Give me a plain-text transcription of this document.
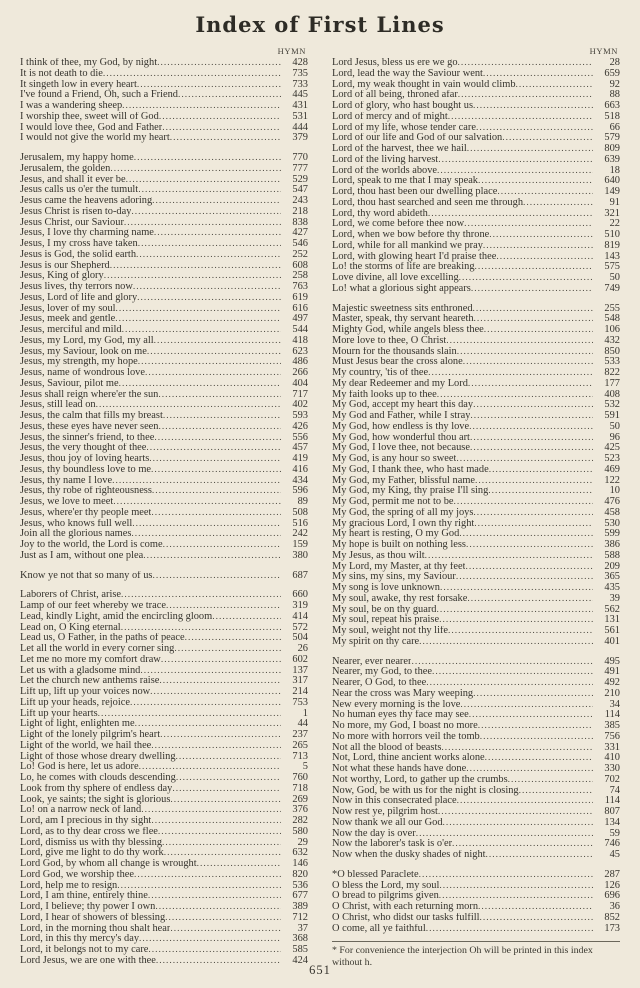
Index of First Lines
HYMN
I think of thee, my God, by night .....	428
It is not death to die .....	735
It singeth low in every heart .....	733
I've found a Friend, Oh, such a Friend .....	445
I was a wandering sheep .....	431
I worship thee, sweet will of God .....	531
I would love thee, God and Father .....	444
I would not give the world my heart .....	379
Jerusalem, my happy home .....	770
Jerusalem, the golden .....	777
Jesus, and shall it ever be .....	529
Jesus calls us o'er the tumult .....	547
Jesus came the heavens adoring .....	243
Jesus Christ is risen to-day .....	218
Jesus Christ, our Saviour .....	838
Jesus, I love thy charming name .....	427
Jesus, I my cross have taken .....	546
Jesus is God, the solid earth .....	252
Jesus is our Shepherd .....	608
Jesus, King of glory .....	258
Jesus lives, thy terrors now .....	763
Jesus, Lord of life and glory .....	619
Jesus, lover of my soul .....	616
Jesus, meek and gentle .....	497
Jesus, merciful and mild .....	544
Jesus, my Lord, my God, my all .....	418
Jesus, my Saviour, look on me .....	623
Jesus, my strength, my hope .....	486
Jesus, name of wondrous love .....	266
Jesus, Saviour, pilot me .....	404
Jesus shall reign where'er the sun .....	717
Jesus, still lead on .....	402
Jesus, the calm that fills my breast .....	593
Jesus, these eyes have never seen .....	426
Jesus, the sinner's friend, to thee .....	556
Jesus, the very thought of thee .....	457
Jesus, thou joy of loving hearts .....	419
Jesus, thy boundless love to me .....	416
Jesus, thy name I love .....	434
Jesus, thy robe of righteousness .....	596
Jesus, we love to meet .....	89
Jesus, where'er thy people meet .....	508
Jesus, who knows full well .....	516
Join all the glorious names .....	242
Joy to the world, the Lord is come .....	159
Just as I am, without one plea .....	380
Know ye not that so many of us .....	687
Laborers of Christ, arise .....	660
Lamp of our feet whereby we trace .....	319
Lead, kindly Light, amid the encircling gloom .....	414
Lead on, O King eternal .....	572
Lead us, O Father, in the paths of peace .....	504
Let all the world in every corner sing .....	26
Let me no more my comfort draw .....	602
Let us with a gladsome mind .....	137
Let the church new anthems raise .....	317
Lift up, lift up your voices now .....	214
Lift up your heads, rejoice .....	753
Lift up your hearts .....	1
Light of light, enlighten me .....	44
Light of the lonely pilgrim's heart .....	237
Light of the world, we hail thee .....	265
Light of those whose dreary dwelling .....	713
Lo! God is here, let us adore .....	5
Lo, he comes with clouds descending .....	760
Look from thy sphere of endless day .....	718
Look, ye saints; the sight is glorious .....	269
Lo! on a narrow neck of land .....	376
Lord, am I precious in thy sight .....	282
Lord, as to thy dear cross we flee .....	580
Lord, dismiss us with thy blessing .....	29
Lord, give me light to do thy work .....	632
Lord God, by whom all change is wrought .....	146
Lord God, we worship thee .....	820
Lord, help me to resign .....	536
Lord, I am thine, entirely thine .....	677
Lord, I believe; thy power I own .....	389
Lord, I hear of showers of blessing .....	712
Lord, in the morning thou shalt hear .....	37
Lord, in this thy mercy's day .....	368
Lord, it belongs not to my care .....	585
Lord Jesus, we are one with thee .....	424
HYMN
Lord Jesus, bless us ere we go .....	28
Lord, lead the way the Saviour went .....	659
Lord, my weak thought in vain would climb .....	92
Lord of all being, throned afar .....	88
Lord of glory, who hast bought us .....	663
Lord of mercy and of might .....	518
Lord of my life, whose tender care .....	66
Lord of our life and God of our salvation .....	579
Lord of the harvest, thee we hail .....	809
Lord of the living harvest .....	639
Lord of the worlds above .....	18
Lord, speak to me that I may speak .....	640
Lord, thou hast been our dwelling place .....	149
Lord, thou hast searched and seen me through .....	91
Lord, thy word abideth .....	321
Lord, we come before thee now .....	22
Lord, when we bow before thy throne .....	510
Lord, while for all mankind we pray .....	819
Lord, with glowing heart I'd praise thee .....	143
Lo! the storms of life are breaking .....	575
Love divine, all love excelling .....	50
Lo! what a glorious sight appears .....	749
Majestic sweetness sits enthroned .....	255
Master, speak, thy servant heareth .....	548
Mighty God, while angels bless thee .....	106
More love to thee, O Christ .....	432
Mourn for the thousands slain .....	850
Must Jesus bear the cross alone .....	533
My country, 'tis of thee .....	822
My dear Redeemer and my Lord .....	177
My faith looks up to thee .....	408
My God, accept my heart this day .....	532
My God and Father, while I stray .....	591
My God, how endless is thy love .....	50
My God, how wonderful thou art .....	96
My God, I love thee, not because .....	425
My God, is any hour so sweet .....	523
My God, I thank thee, who hast made .....	469
My God, my Father, blissful name .....	122
My God, my King, thy praise I'll sing .....	10
My God, permit me not to be .....	476
My God, the spring of all my joys .....	458
My gracious Lord, I own thy right .....	530
My heart is resting, O my God .....	599
My hope is built on nothing less .....	386
My Jesus, as thou wilt .....	588
My Lord, my Master, at thy feet .....	209
My sins, my sins, my Saviour .....	365
My song is love unknown .....	435
My soul, awake, thy rest forsake .....	39
My soul, be on thy guard .....	562
My soul, repeat his praise .....	131
My soul, weight not thy life .....	561
My spirit on thy care .....	401
Nearer, ever nearer .....	495
Nearer, my God, to thee .....	491
Nearer, O God, to thee .....	492
Near the cross was Mary weeping .....	210
New every morning is the love .....	34
No human eyes thy face may see .....	114
No more, my God, I boast no more .....	385
No more with horrors veil the tomb .....	756
Not all the blood of beasts .....	331
Not, Lord, thine ancient works alone .....	410
Not what these hands have done .....	330
Not worthy, Lord, to gather up the crumbs .....	702
Now, God, be with us for the night is closing .....	74
Now in this consecrated place .....	114
Now rest ye, pilgrim host .....	807
Now thank we all our God .....	134
Now the day is over .....	59
Now the laborer's task is o'er .....	746
Now when the dusky shades of night .....	45
*O blessed Paraclete .....	287
O bless the Lord, my soul .....	126
O bread to pilgrims given .....	696
O Christ, with each returning morn .....	36
O Christ, who didst our tasks fulfill .....	852
O come, all ye faithful .....	173
* For convenience the interjection Oh will be printed in this index without h.
651
